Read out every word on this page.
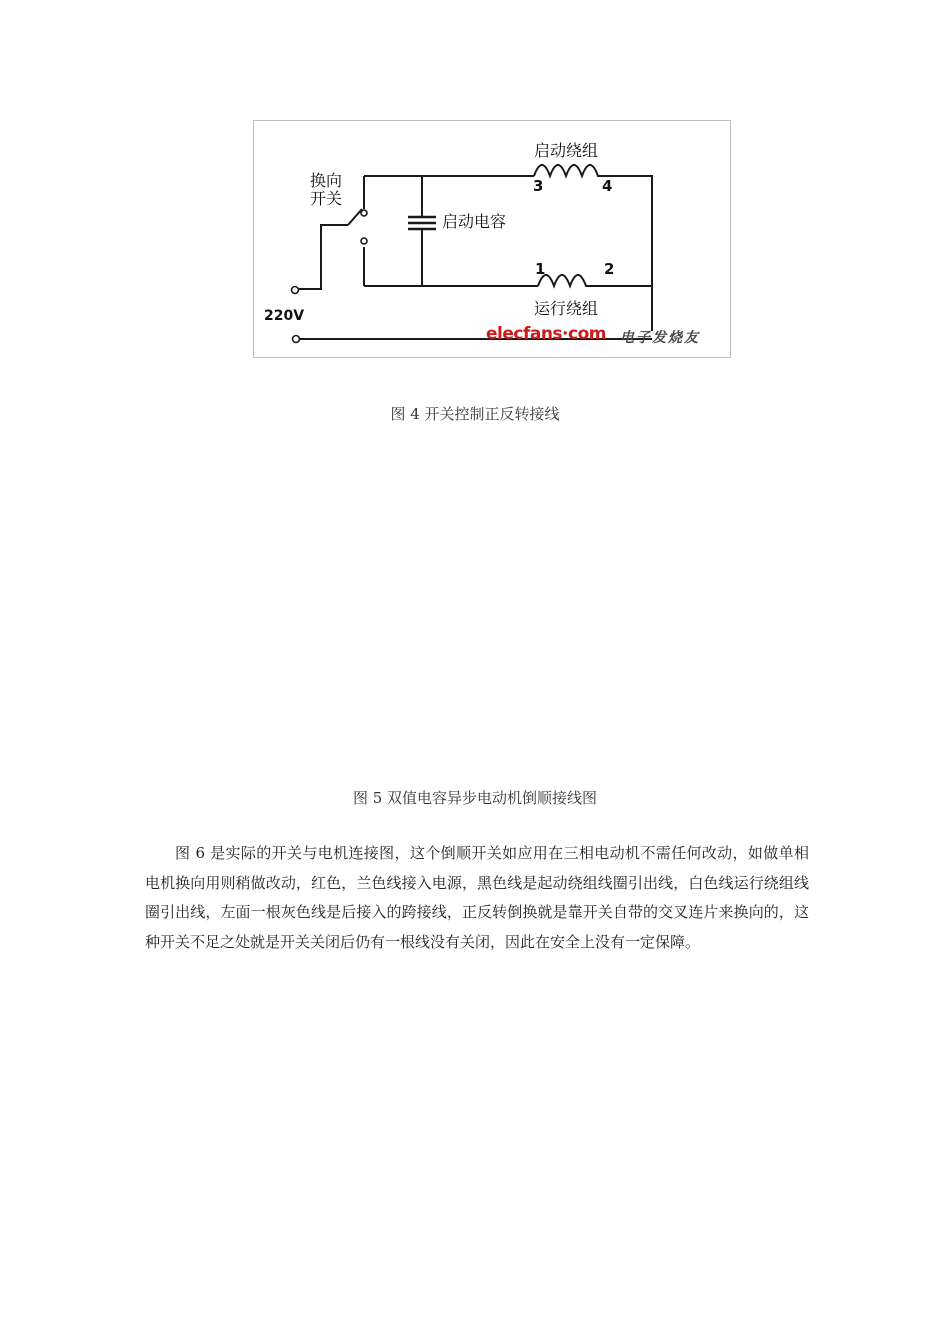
换向
开关
启动绕组
启动电容
运行绕组
220V
3	4
1	2
elecfans·com 电子发烧友
图 4 开关控制正反转接线
图 5 双值电容异步电动机倒顺接线图

图 6 是实际的开关与电机连接图，这个倒顺开关如应用在三相电动机不需任何改动，如做单相电机换向用则稍做改动，红色，兰色线接入电源，黑色线是起动绕组线圈引出线，白色线运行绕组线圈引出线，左面一根灰色线是后接入的跨接线，正反转倒换就是靠开关自带的交叉连片来换向的，这种开关不足之处就是开关关闭后仍有一根线没有关闭，因此在安全上没有一定保障。
